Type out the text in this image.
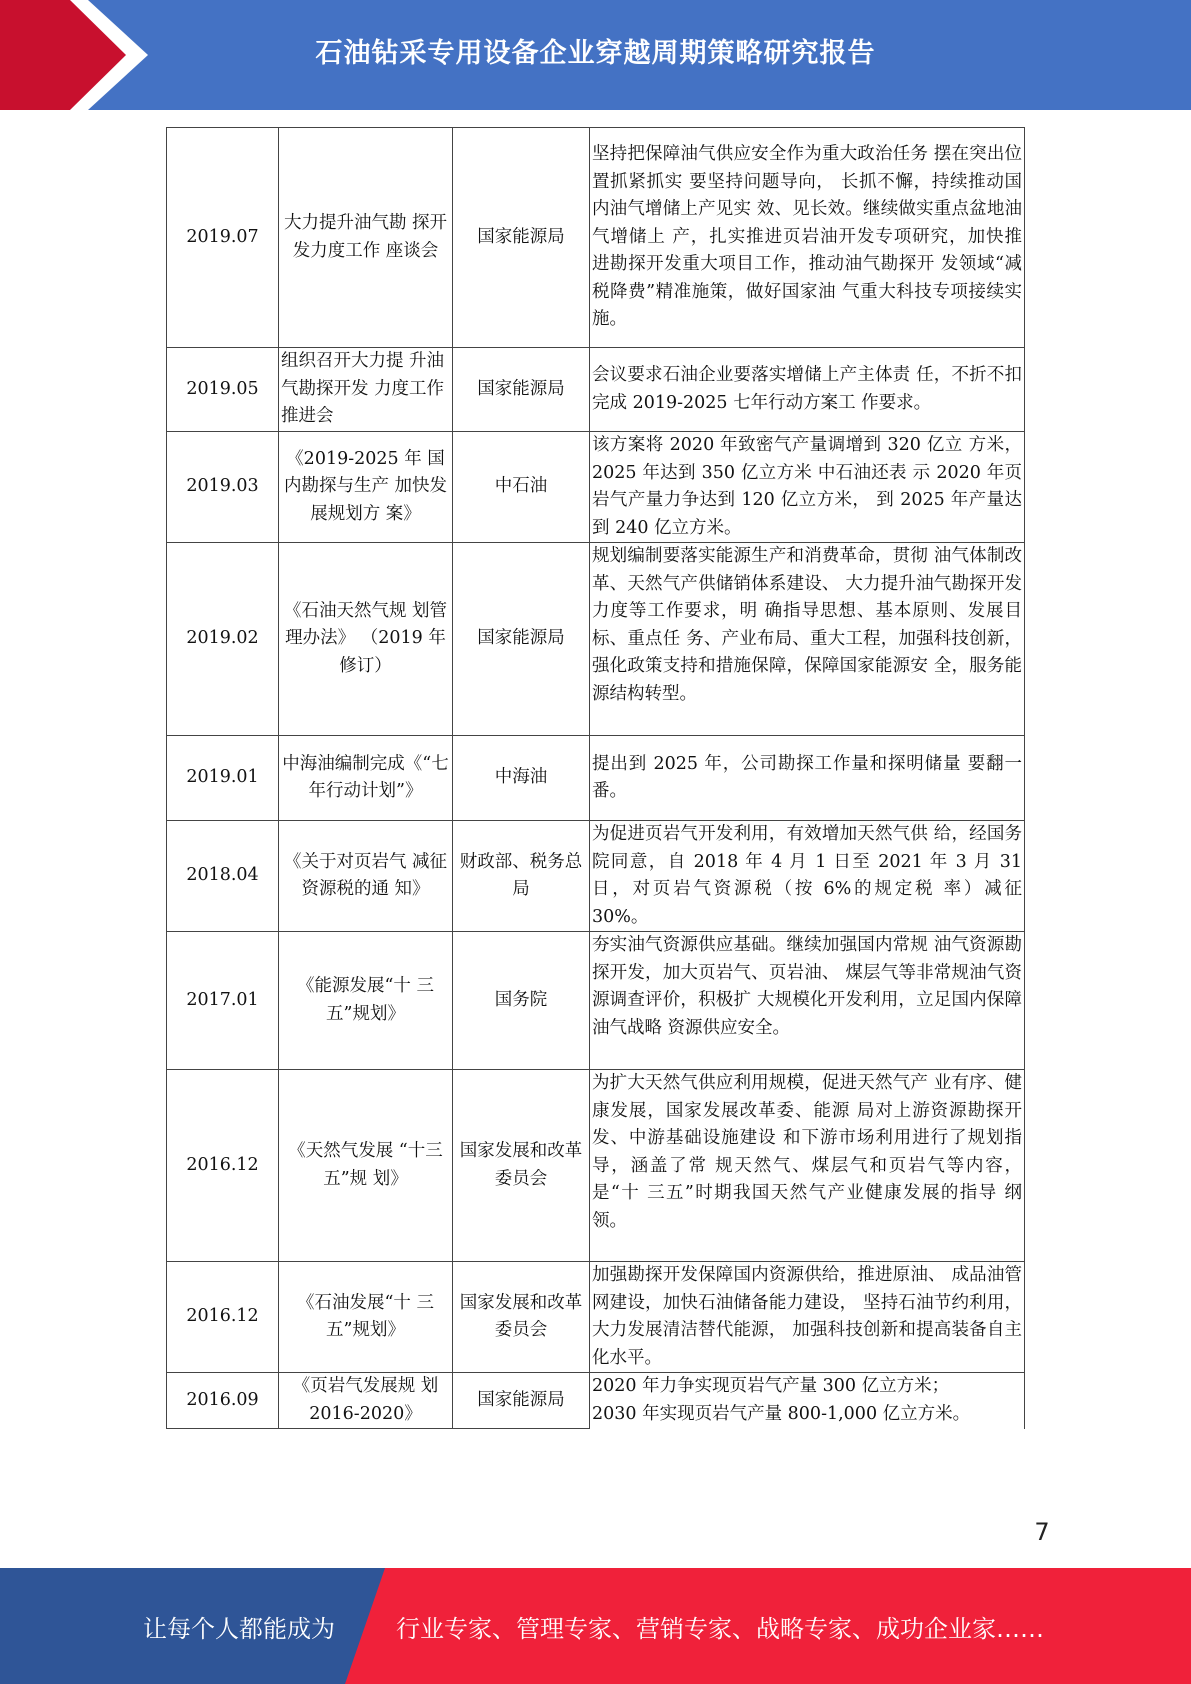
石油钻采专用设备企业穿越周期策略研究报告
2019.07	大力提升油气勘 探开发力度工作 座谈会	国家能源局	坚持把保障油气供应安全作为重大政治任务 摆在突出位置抓紧抓实 要坚持问题导向， 长抓不懈，持续推动国内油气增储上产见实 效、见长效。继续做实重点盆地油气增储上 产，扎实推进页岩油开发专项研究，加快推 进勘探开发重大项目工作，推动油气勘探开 发领域“减税降费”精准施策，做好国家油 气重大科技专项接续实施。
2019.05	组织召开大力提 升油气勘探开发 力度工作推进会	国家能源局	会议要求石油企业要落实增储上产主体责 任，不折不扣完成 2019-2025 七年行动方案工 作要求。
2019.03	《2019-2025 年 国内勘探与生产 加快发展规划方 案》	中石油	该方案将 2020 年致密气产量调增到 320 亿立 方米，2025 年达到 350 亿立方米 中石油还表 示 2020 年页岩气产量力争达到 120 亿立方米， 到 2025 年产量达到 240 亿立方米。
2019.02	《石油天然气规 划管理办法》 （2019 年修订）	国家能源局	规划编制要落实能源生产和消费革命，贯彻 油气体制改革、天然气产供储销体系建设、 大力提升油气勘探开发力度等工作要求，明 确指导思想、基本原则、发展目标、重点任 务、产业布局、重大工程，加强科技创新， 强化政策支持和措施保障，保障国家能源安 全，服务能源结构转型。
2019.01	中海油编制完成《“七年行动计划”》	中海油	提出到 2025 年，公司勘探工作量和探明储量 要翻一番。
2018.04	《关于对页岩气 减征资源税的通 知》	财政部、税务总局	为促进页岩气开发利用，有效增加天然气供 给，经国务院同意，自 2018 年 4 月 1 日至 2021 年 3 月 31 日，对页岩气资源税（按 6%的规定税 率）减征 30%。
2017.01	《能源发展“十 三五”规划》	国务院	夯实油气资源供应基础。继续加强国内常规 油气资源勘探开发，加大页岩气、页岩油、 煤层气等非常规油气资源调查评价，积极扩 大规模化开发利用，立足国内保障油气战略 资源供应安全。
2016.12	《天然气发展 “十三五”规 划》	国家发展和改革委员会	为扩大天然气供应利用规模，促进天然气产 业有序、健康发展，国家发展改革委、能源 局对上游资源勘探开发、中游基础设施建设 和下游市场利用进行了规划指导，涵盖了常 规天然气、煤层气和页岩气等内容，是“十 三五”时期我国天然气产业健康发展的指导 纲领。
2016.12	《石油发展“十 三五”规划》	国家发展和改革委员会	加强勘探开发保障国内资源供给，推进原油、 成品油管网建设，加快石油储备能力建设， 坚持石油节约利用，大力发展清洁替代能源， 加强科技创新和提高装备自主化水平。
2016.09	《页岩气发展规 划 2016-2020》	国家能源局	2020 年力争实现页岩气产量 300 亿立方米；
2030 年实现页岩气产量 800-1,000 亿立方米。
7
让每个人都能成为	行业专家、管理专家、营销专家、战略专家、成功企业家……
